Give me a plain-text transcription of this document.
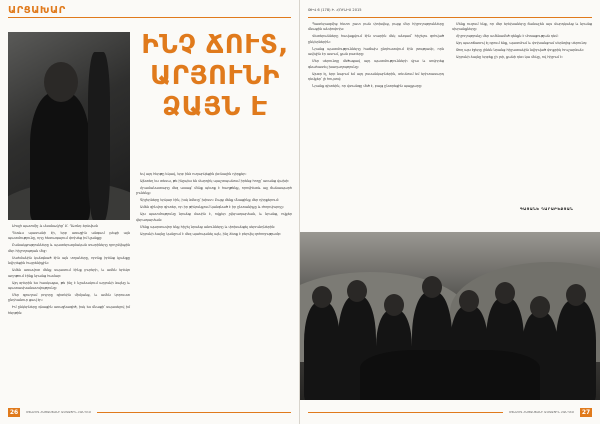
ԱՐՑԱԽԱՐ
ԻՆՉ ՃՈՒՏ, ԱՐՅՈՒՆԻ ՁԱՅՆ Է

Սոսլի պատմիչ և մասնակից՝ Մ. Ղևոնդ Երեմյան

Դեռևս պատանի էի, երբ առաջին անգամ լսեցի այն պատմությունը, որը հետագայում փոխեց իմ կյանքը։

Բանակցությունները և պատերազմական տարիները դրոշմվեցին մեր հիշողության մեջ։

Սահմանին կանգնած էին այն տղաները, որոնք իրենց կյանքը նվիրեցին հայրենիքին։

Ամեն առավոտ մենք սպասում էինք լուրերի, և ամեն երեկո աղոթում էինք նրանց համար։

Այդ օրերին ես հասկացա, թե ինչ է նշանակում արյունի ձայնը և պատասխանատվությունը։

Մեր գյուղում բոլորը գիտեին միմյանց, և ամեն կորուստ ընդհանուր ցավ էր։

Իմ ընկերները գնացին առաջնագիծ, իսկ ես մնացի՝ սպասելով իմ հերթին։

Եվ այդ հերթը եկավ, երբ ինձ ուղարկեցին լեռնային դիրքեր։

Այնտեղ ես տեսա, թե ինչպես են մարդիկ պաշտպանում իրենց հողը՝ առանց վախի։

Հրամանատարը մեզ ասաց՝ մենք պետք է հաղթենք, որովհետև այլ ճանապարհ չունենք։

Գիշերները երկար էին, իսկ ձմեռը՝ խիստ։ Բայց մենք մնացինք մեր դիրքերում։

Ամեն զինվոր գիտեր, որ իր թիկունքում կանգնած է իր ընտանիքը և ժողովուրդը։

Այս պատմությունը նրանց մասին է, ովքեր չվերադարձան, և նրանց, ովքեր վերադարձան։

Մենք պարտավոր ենք հիշել նրանց անունները և փոխանցել սերունդներին։

Արյունի ձայնը կանչում է մեզ պահպանել այն, ինչ ձեռք է բերվել զոհողությամբ։

26	ՄՏԱՀՈԳ ՀԱՅԱՍՏԱՆԻ ԱԶԳԱՅԻՆ ՀԱՆԴԵՍ
ԹԻՎ 6 (178) Ի. ՀՈՒՆԻՍ 2015

Պատերազմից հետո շատ բան փոխվեց, բայց մեր հիշողությունները մնացին անփոփոխ։

Վետերանները հավաքվում էին տարին մեկ անգամ՝ հիշելու զոհված ընկերներին։

Նրանց պատմությունները հաճախ ընդհատվում էին լռությամբ, որն ավելին էր ասում, քան բառերը։

Մեր սերունդը մեծացավ այդ պատմությունների վրա և սովորեց գնահատել խաղաղությունը։

Այսօր էլ, երբ նայում եմ այդ լուսանկարներին, տեսնում եմ երիտասարդ դեմքեր՝ լի հույսով։

Նրանք գիտեին, որ վտանգը մեծ է, բայց ընտրեցին պայքարը։

Մենք ուզում ենք, որ մեր երեխաները ճանաչեն այս մարդկանց և նրանց սխրանքները։

Հիշողությունը մեր ամենամեծ զենքն է մոռացության դեմ։

Այդ պատճառով էլ գրում ենք, պատմում և փոխանցում սերնդից սերունդ։

Թող այս էջերը լինեն նրանց հիշատակին նվիրված փոքրիկ հուշարձան։

Արյունի ձայնը երբեք չի լռի, քանի դեռ կա մեկը, ով հիշում է։

ԳԱՅԱՆԵ ՂԱՐԱԲԵՔՅԱՆ
ՄՏԱՀՈԳ ՀԱՅԱՍՏԱՆԻ ԱԶԳԱՅԻՆ ՀԱՆԴԵՍ	27
